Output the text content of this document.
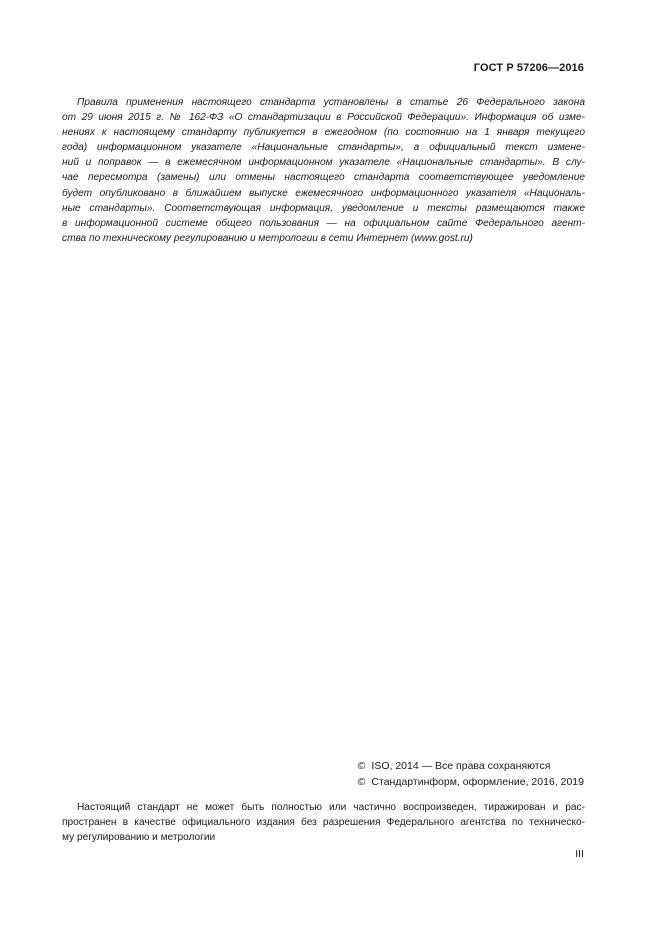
ГОСТ Р 57206—2016

Правила применения настоящего стандарта установлены в статье 26 Федерального закона

от 29 июня 2015 г. № 162-ФЗ «О стандартизации в Российской Федерации». Информация об изме-

нениях к настоящему стандарту публикуется в ежегодном (по состоянию на 1 января текущего

года) информационном указателе «Национальные стандарты», а официальный текст измене-

ний и поправок — в ежемесячном информационном указателе «Национальные стандарты». В слу-

чае пересмотра (замены) или отмены настоящего стандарта соответствующее уведомление

будет опубликовано в ближайшем выпуске ежемесячного информационного указателя «Националь-

ные стандарты». Соответствующая информация, уведомление и тексты размещаются также

в информационной системе общего пользования — на официальном сайте Федерального агент-

ства по техническому регулированию и метрологии в сети Интернет (www.gost.ru)

© ISO, 2014 — Все права сохраняются
© Стандартинформ, оформление, 2016, 2019

Настоящий стандарт не может быть полностью или частично воспроизведен, тиражирован и рас-

пространен в качестве официального издания без разрешения Федерального агентства по техническо-

му регулированию и метрологии

III
